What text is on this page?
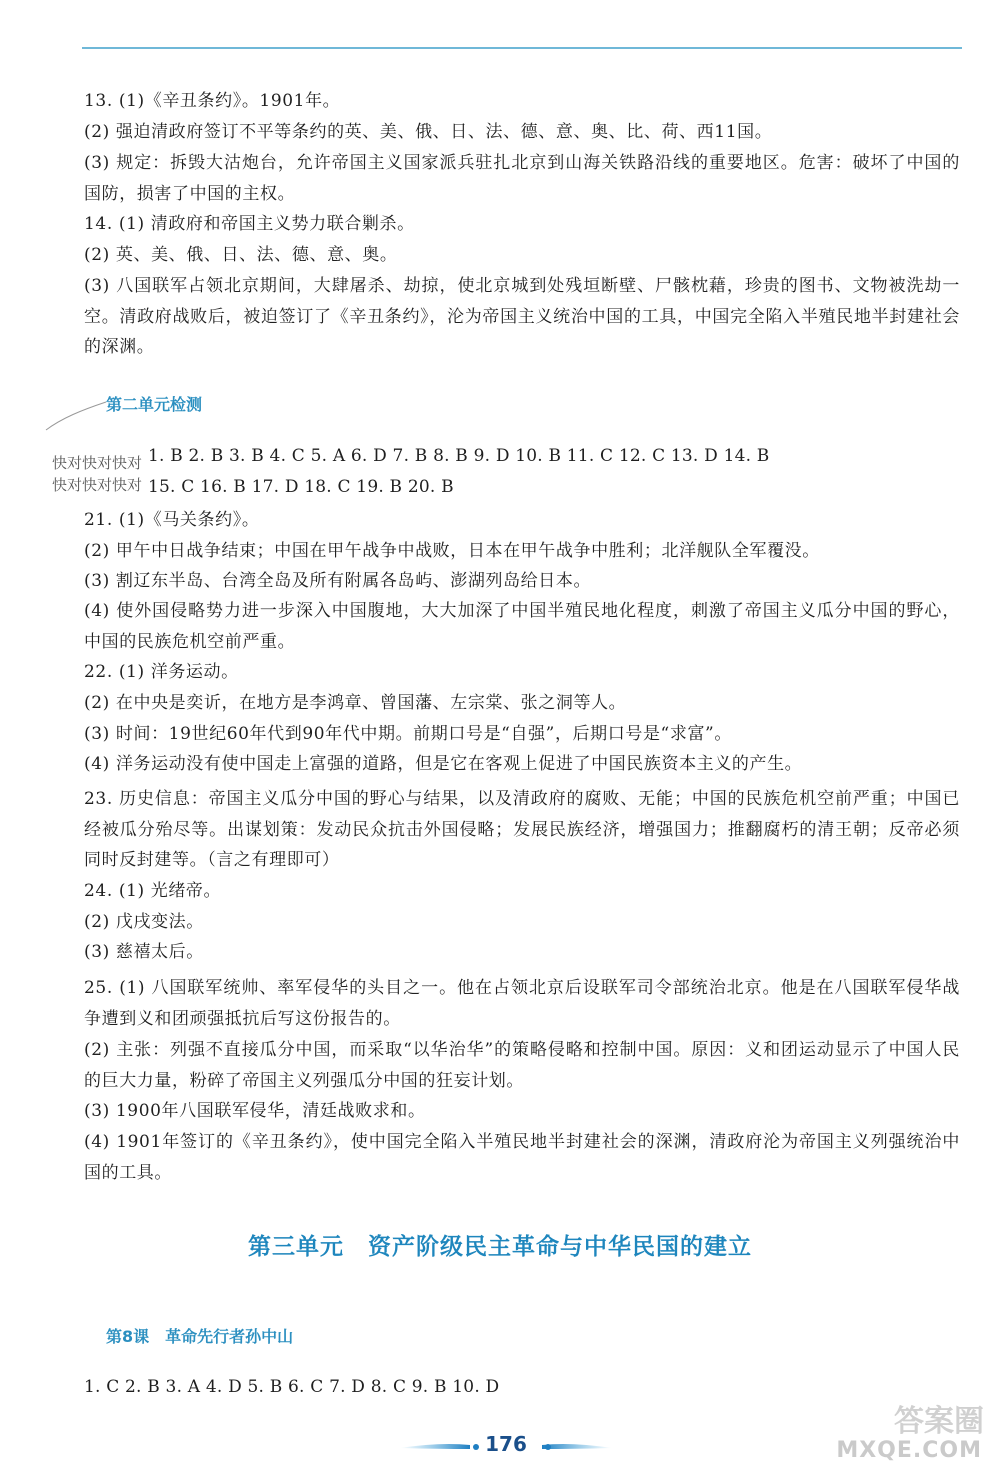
13. (1)《辛丑条约》。1901年。

(2) 强迫清政府签订不平等条约的英、美、俄、日、法、德、意、奥、比、荷、西11国。

(3) 规定：拆毁大沽炮台，允许帝国主义国家派兵驻扎北京到山海关铁路沿线的重要地区。危害：破坏了中国的国防，损害了中国的主权。

14. (1) 清政府和帝国主义势力联合剿杀。

(2) 英、美、俄、日、法、德、意、奥。

(3) 八国联军占领北京期间，大肆屠杀、劫掠，使北京城到处残垣断壁、尸骸枕藉，珍贵的图书、文物被洗劫一空。清政府战败后，被迫签订了《辛丑条约》，沦为帝国主义统治中国的工具，中国完全陷入半殖民地半封建社会的深渊。

第二单元检测

快对快对快对
快对快对快对

1. B 2. B 3. B 4. C 5. A 6. D 7. B 8. B 9. D 10. B 11. C 12. C 13. D 14. B

15. C 16. B 17. D 18. C 19. B 20. B

21. (1)《马关条约》。

(2) 甲午中日战争结束；中国在甲午战争中战败，日本在甲午战争中胜利；北洋舰队全军覆没。

(3) 割辽东半岛、台湾全岛及所有附属各岛屿、澎湖列岛给日本。

(4) 使外国侵略势力进一步深入中国腹地，大大加深了中国半殖民地化程度，刺激了帝国主义瓜分中国的野心，中国的民族危机空前严重。

22. (1) 洋务运动。

(2) 在中央是奕䜣，在地方是李鸿章、曾国藩、左宗棠、张之洞等人。

(3) 时间：19世纪60年代到90年代中期。前期口号是“自强”，后期口号是“求富”。

(4) 洋务运动没有使中国走上富强的道路，但是它在客观上促进了中国民族资本主义的产生。

23. 历史信息：帝国主义瓜分中国的野心与结果，以及清政府的腐败、无能；中国的民族危机空前严重；中国已经被瓜分殆尽等。出谋划策：发动民众抗击外国侵略；发展民族经济，增强国力；推翻腐朽的清王朝；反帝必须同时反封建等。（言之有理即可）

24. (1) 光绪帝。

(2) 戊戌变法。

(3) 慈禧太后。

25. (1) 八国联军统帅、率军侵华的头目之一。他在占领北京后设联军司令部统治北京。他是在八国联军侵华战争遭到义和团顽强抵抗后写这份报告的。

(2) 主张：列强不直接瓜分中国，而采取“以华治华”的策略侵略和控制中国。原因：义和团运动显示了中国人民的巨大力量，粉碎了帝国主义列强瓜分中国的狂妄计划。

(3) 1900年八国联军侵华，清廷战败求和。

(4) 1901年签订的《辛丑条约》，使中国完全陷入半殖民地半封建社会的深渊，清政府沦为帝国主义列强统治中国的工具。

第三单元　资产阶级民主革命与中华民国的建立

第8课　革命先行者孙中山

1. C 2. B 3. A 4. D 5. B 6. C 7. D 8. C 9. B 10. D

176
答案圈
MXQE.COM
